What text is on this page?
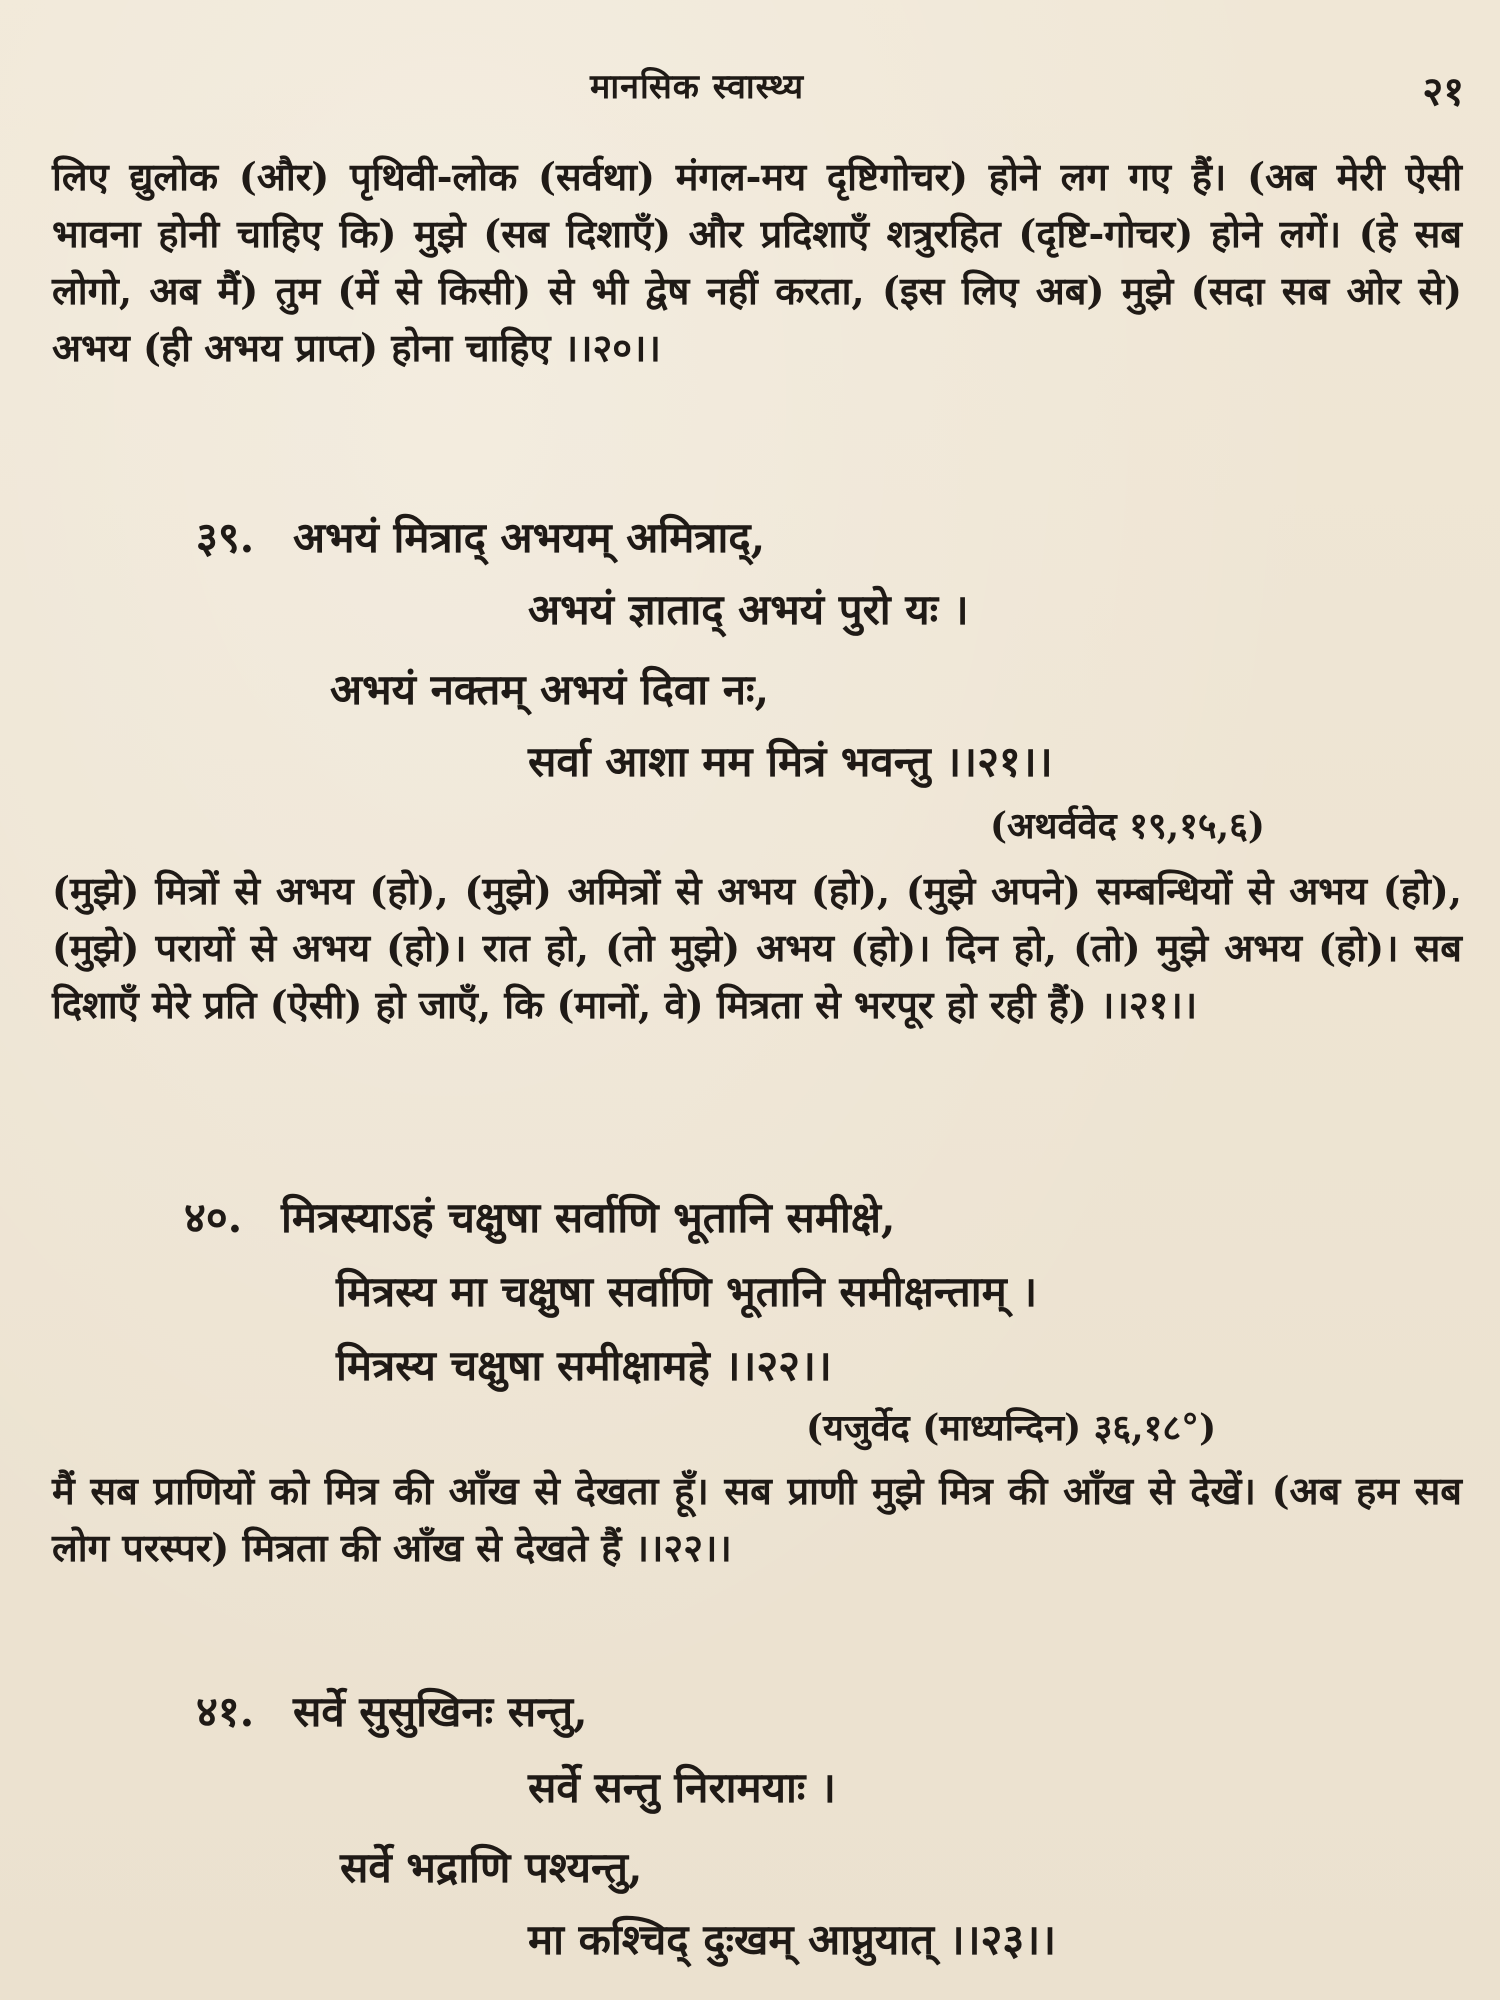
मानसिक स्वास्थ्य	२१

लिए द्युलोक (और) पृथिवी-लोक (सर्वथा) मंगल-मय दृष्टिगोचर) होने लग गए हैं। (अब मेरी ऐसी भावना होनी चाहिए कि) मुझे (सब दिशाएँ) और प्रदिशाएँ शत्रुरहित (दृष्टि-गोचर) होने लगें। (हे सब लोगो, अब मैं) तुम (में से किसी) से भी द्वेष नहीं करता, (इस लिए अब) मुझे (सदा सब ओर से) अभय (ही अभय प्राप्त) होना चाहिए ।।२०।।

३९. अभयं मित्राद् अभयम् अमित्राद्,

अभयं ज्ञाताद् अभयं पुरो यः ।

अभयं नक्तम् अभयं दिवा नः,

सर्वा आशा मम मित्रं भवन्तु ।।२१।।

(अथर्ववेद १९,१५,६)

(मुझे) मित्रों से अभय (हो), (मुझे) अमित्रों से अभय (हो), (मुझे अपने) सम्बन्धियों से अभय (हो), (मुझे) परायों से अभय (हो)। रात हो, (तो मुझे) अभय (हो)। दिन हो, (तो) मुझे अभय (हो)। सब दिशाएँ मेरे प्रति (ऐसी) हो जाएँ, कि (मानों, वे) मित्रता से भरपूर हो रही हैं) ।।२१।।

४०. मित्रस्याऽहं चक्षुषा सर्वाणि भूतानि समीक्षे,

मित्रस्य मा चक्षुषा सर्वाणि भूतानि समीक्षन्ताम् ।

मित्रस्य चक्षुषा समीक्षामहे ।।२२।।

(यजुर्वेद (माध्यन्दिन) ३६,१८°)

मैं सब प्राणियों को मित्र की आँख से देखता हूँ। सब प्राणी मुझे मित्र की आँख से देखें। (अब हम सब लोग परस्पर) मित्रता की आँख से देखते हैं ।।२२।।

४१. सर्वे सुसुखिनः सन्तु,

सर्वे सन्तु निरामयाः ।

सर्वे भद्राणि पश्यन्तु,

मा कश्चिद् दुःखम् आप्नुयात् ।।२३।।
